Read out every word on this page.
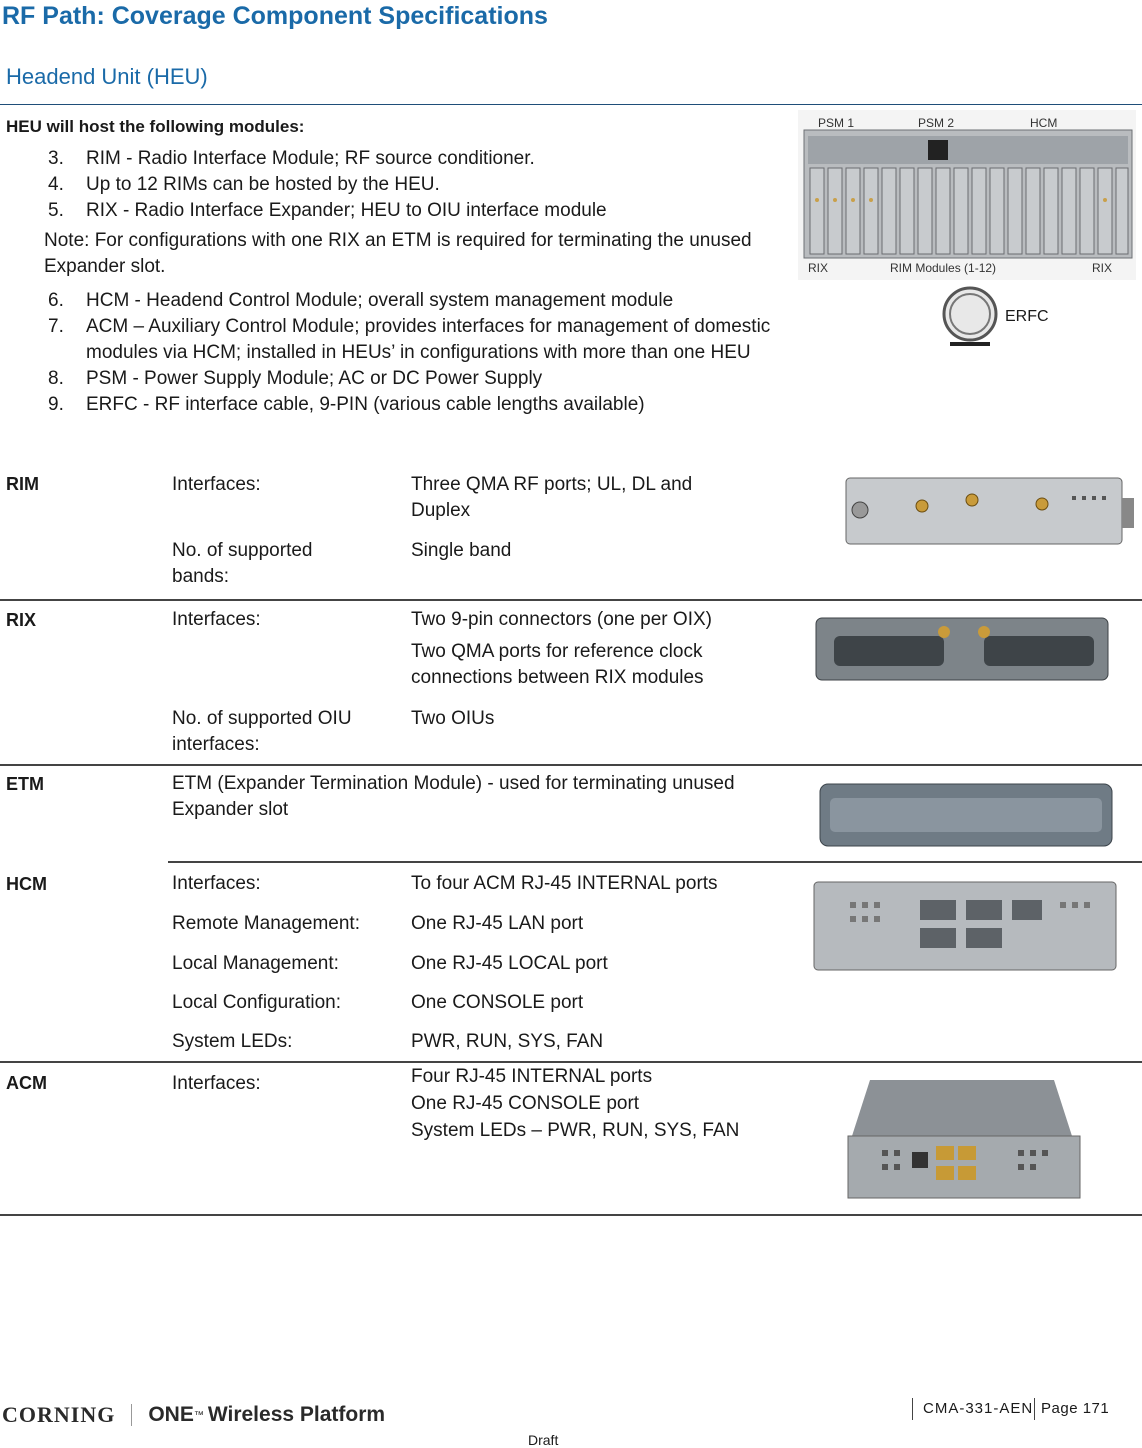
RF Path: Coverage Component Specifications
Headend Unit (HEU)

HEU will host the following modules:

3. RIM - Radio Interface Module; RF source conditioner.
4. Up to 12 RIMs can be hosted by the HEU.
5. RIX - Radio Interface Expander; HEU to OIU interface module
Note: For configurations with one RIX an ETM is required for terminating the unused Expander slot.
6. HCM - Headend Control Module; overall system management module
7. ACM – Auxiliary Control Module; provides interfaces for management of domestic modules via HCM; installed in HEUs’ in configurations with more than one HEU
8. PSM - Power Supply Module; AC or DC Power Supply
9. ERFC - RF interface cable, 9-PIN (various cable lengths available)
PSM 1	PSM 2	HCM
RIX	RIM Modules (1-12)	RIX
ERFC
RIM	Interfaces:	Three QMA RF ports; UL, DL and Duplex
No. of supported bands:
Single band
RIX	Interfaces:	Two 9-pin connectors (one per OIX)
Two QMA ports for reference clock connections between RIX modules
No. of supported OIU interfaces:
Two OIUs
ETM	ETM (Expander Termination Module) - used for terminating unused Expander slot
HCM	Interfaces:	To four ACM RJ-45 INTERNAL ports
Remote Management:	One RJ-45 LAN port
Local Management:	One RJ-45 LOCAL port
Local Configuration:	One CONSOLE port
System LEDs:	PWR, RUN, SYS, FAN
ACM	Interfaces:	Four RJ-45 INTERNAL ports
One RJ-45 CONSOLE port
System LEDs – PWR, RUN, SYS, FAN
CORNING ONE ™ Wireless Platform	CMA-331-AEN Page 171
Draft
